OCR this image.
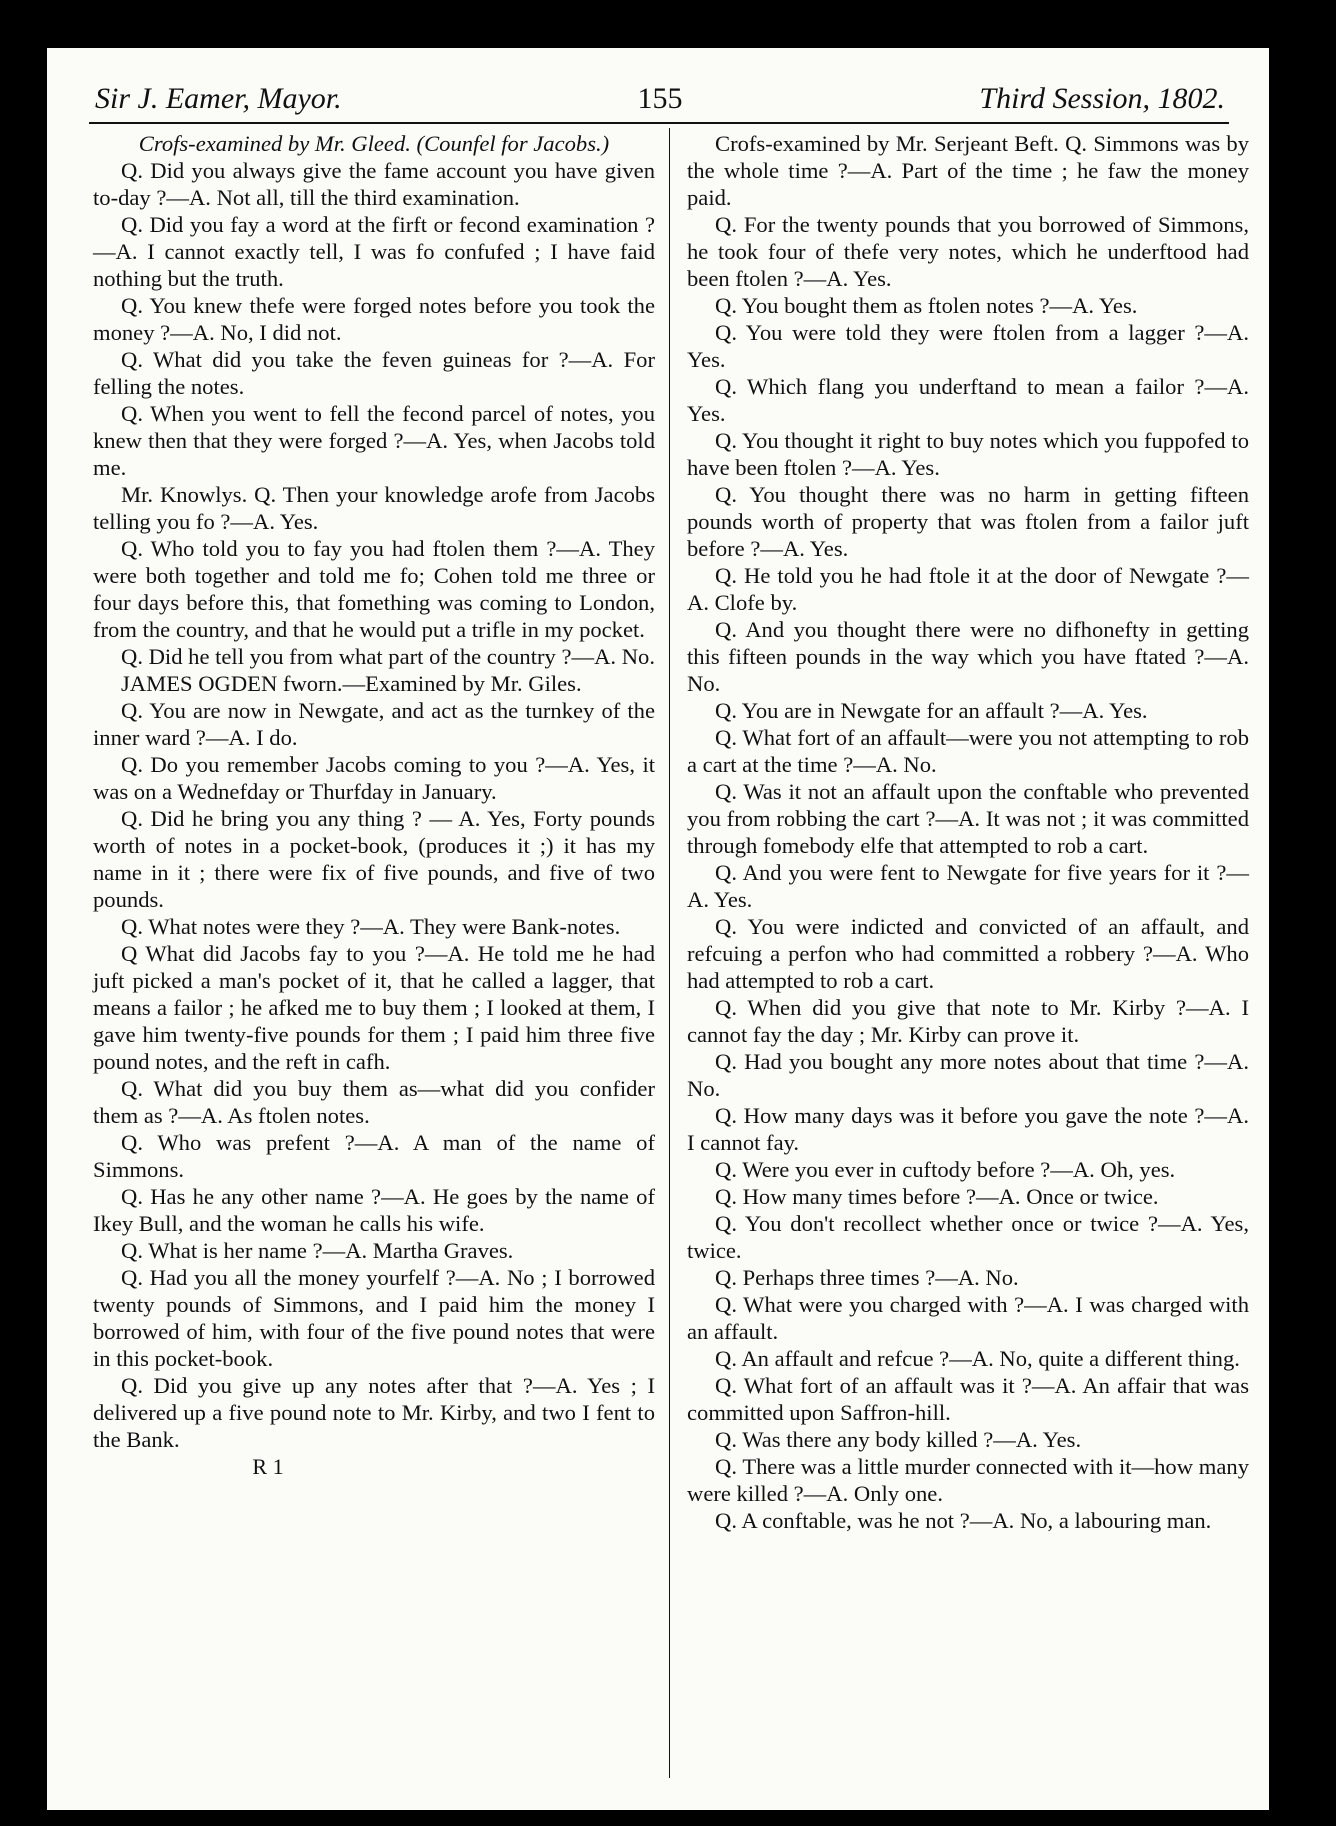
Sir J. Eamer, Mayor.	155	Third Session, 1802.

Crofs-examined by Mr. Gleed. (Counfel for Jacobs.)

Q. Did you always give the fame account you have given to-day ?—A. Not all, till the third examination.

Q. Did you fay a word at the firft or fecond examination ?—A. I cannot exactly tell, I was fo confufed ; I have faid nothing but the truth.

Q. You knew thefe were forged notes before you took the money ?—A. No, I did not.

Q. What did you take the feven guineas for ?—A. For felling the notes.

Q. When you went to fell the fecond parcel of notes, you knew then that they were forged ?—A. Yes, when Jacobs told me.

Mr. Knowlys. Q. Then your knowledge arofe from Jacobs telling you fo ?—A. Yes.

Q. Who told you to fay you had ftolen them ?—A. They were both together and told me fo; Cohen told me three or four days before this, that fomething was coming to London, from the country, and that he would put a trifle in my pocket.

Q. Did he tell you from what part of the country ?—A. No.

JAMES OGDEN fworn.—Examined by Mr. Giles.

Q. You are now in Newgate, and act as the turnkey of the inner ward ?—A. I do.

Q. Do you remember Jacobs coming to you ?—A. Yes, it was on a Wednefday or Thurfday in January.

Q. Did he bring you any thing ? — A. Yes, Forty pounds worth of notes in a pocket-book, (produces it ;) it has my name in it ; there were fix of five pounds, and five of two pounds.

Q. What notes were they ?—A. They were Bank-notes.

Q What did Jacobs fay to you ?—A. He told me he had juft picked a man's pocket of it, that he called a lagger, that means a failor ; he afked me to buy them ; I looked at them, I gave him twenty-five pounds for them ; I paid him three five pound notes, and the reft in cafh.

Q. What did you buy them as—what did you confider them as ?—A. As ftolen notes.

Q. Who was prefent ?—A. A man of the name of Simmons.

Q. Has he any other name ?—A. He goes by the name of Ikey Bull, and the woman he calls his wife.

Q. What is her name ?—A. Martha Graves.

Q. Had you all the money yourfelf ?—A. No ; I borrowed twenty pounds of Simmons, and I paid him the money I borrowed of him, with four of the five pound notes that were in this pocket-book.

Q. Did you give up any notes after that ?—A. Yes ; I delivered up a five pound note to Mr. Kirby, and two I fent to the Bank.

R 1

Crofs-examined by Mr. Serjeant Beft. Q. Simmons was by the whole time ?—A. Part of the time ; he faw the money paid.

Q. For the twenty pounds that you borrowed of Simmons, he took four of thefe very notes, which he underftood had been ftolen ?—A. Yes.

Q. You bought them as ftolen notes ?—A. Yes.

Q. You were told they were ftolen from a lagger ?—A. Yes.

Q. Which flang you underftand to mean a failor ?—A. Yes.

Q. You thought it right to buy notes which you fuppofed to have been ftolen ?—A. Yes.

Q. You thought there was no harm in getting fifteen pounds worth of property that was ftolen from a failor juft before ?—A. Yes.

Q. He told you he had ftole it at the door of Newgate ?—A. Clofe by.

Q. And you thought there were no difhonefty in getting this fifteen pounds in the way which you have ftated ?—A. No.

Q. You are in Newgate for an affault ?—A. Yes.

Q. What fort of an affault—were you not attempting to rob a cart at the time ?—A. No.

Q. Was it not an affault upon the conftable who prevented you from robbing the cart ?—A. It was not ; it was committed through fomebody elfe that attempted to rob a cart.

Q. And you were fent to Newgate for five years for it ?—A. Yes.

Q. You were indicted and convicted of an affault, and refcuing a perfon who had committed a robbery ?—A. Who had attempted to rob a cart.

Q. When did you give that note to Mr. Kirby ?—A. I cannot fay the day ; Mr. Kirby can prove it.

Q. Had you bought any more notes about that time ?—A. No.

Q. How many days was it before you gave the note ?—A. I cannot fay.

Q. Were you ever in cuftody before ?—A. Oh, yes.

Q. How many times before ?—A. Once or twice.

Q. You don't recollect whether once or twice ?—A. Yes, twice.

Q. Perhaps three times ?—A. No.

Q. What were you charged with ?—A. I was charged with an affault.

Q. An affault and refcue ?—A. No, quite a different thing.

Q. What fort of an affault was it ?—A. An affair that was committed upon Saffron-hill.

Q. Was there any body killed ?—A. Yes.

Q. There was a little murder connected with it—how many were killed ?—A. Only one.

Q. A conftable, was he not ?—A. No, a labouring man.
